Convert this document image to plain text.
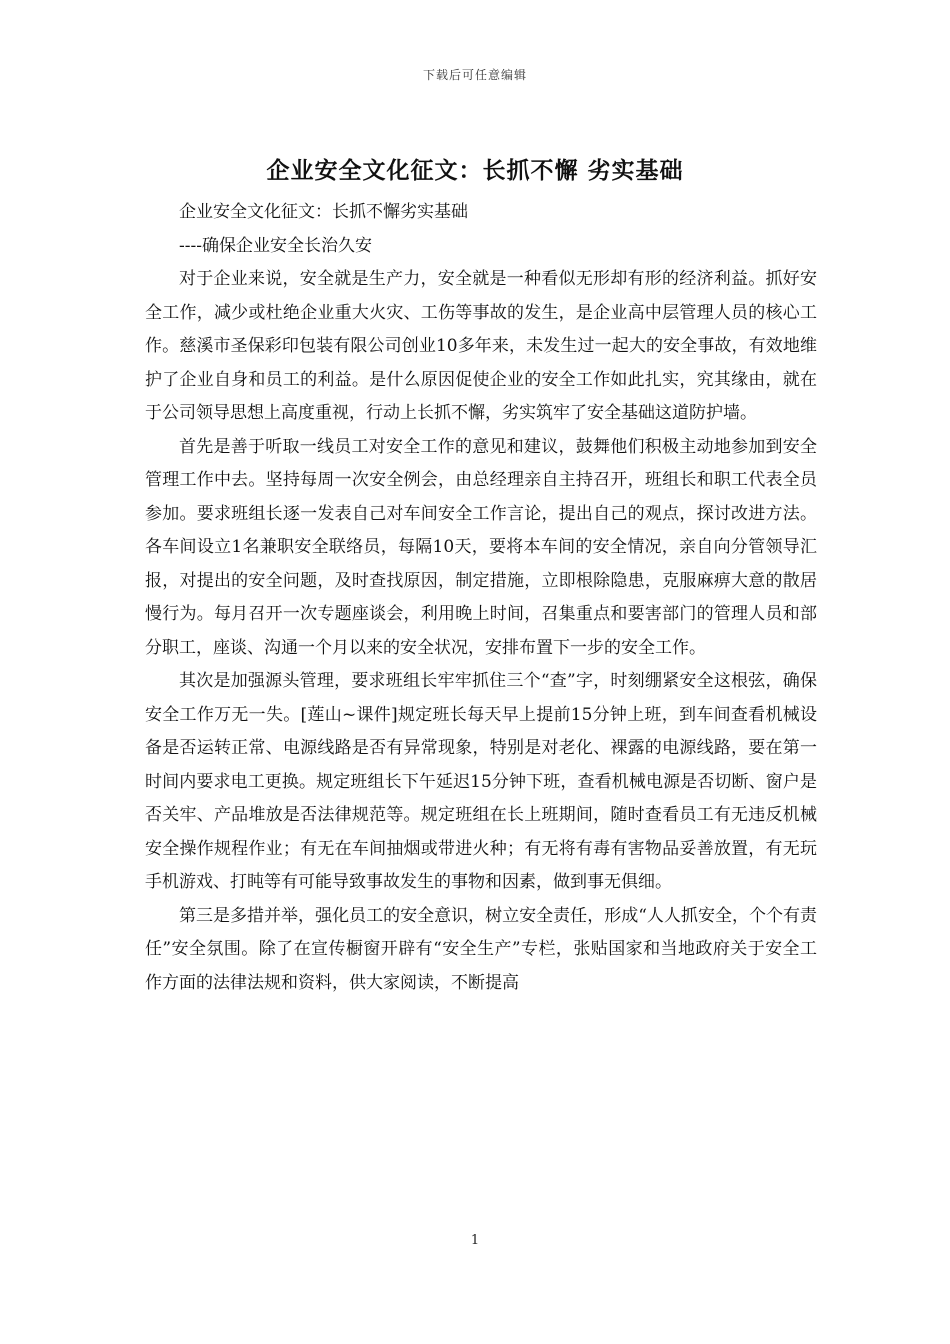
下载后可任意编辑
企业安全文化征文：长抓不懈 劣实基础

企业安全文化征文：长抓不懈劣实基础

----确保企业安全长治久安

对于企业来说，安全就是生产力，安全就是一种看似无形却有形的经济利益。抓好安全工作，减少或杜绝企业重大火灾、工伤等事故的发生，是企业高中层管理人员的核心工作。慈溪市圣保彩印包装有限公司创业10多年来，未发生过一起大的安全事故，有效地维护了企业自身和员工的利益。是什么原因促使企业的安全工作如此扎实，究其缘由，就在于公司领导思想上高度重视，行动上长抓不懈，劣实筑牢了安全基础这道防护墙。

首先是善于听取一线员工对安全工作的意见和建议，鼓舞他们积极主动地参加到安全管理工作中去。坚持每周一次安全例会，由总经理亲自主持召开，班组长和职工代表全员参加。要求班组长逐一发表自己对车间安全工作言论，提出自己的观点，探讨改进方法。各车间设立1名兼职安全联络员，每隔10天，要将本车间的安全情况，亲自向分管领导汇报，对提出的安全问题，及时查找原因，制定措施，立即根除隐患，克服麻痹大意的散居慢行为。每月召开一次专题座谈会，利用晚上时间，召集重点和要害部门的管理人员和部分职工，座谈、沟通一个月以来的安全状况，安排布置下一步的安全工作。

其次是加强源头管理，要求班组长牢牢抓住三个“查”字，时刻绷紧安全这根弦，确保安全工作万无一失。[莲山~课件]规定班长每天早上提前15分钟上班，到车间查看机械设备是否运转正常、电源线路是否有异常现象，特别是对老化、裸露的电源线路，要在第一时间内要求电工更换。规定班组长下午延迟15分钟下班，查看机械电源是否切断、窗户是否关牢、产品堆放是否法律规范等。规定班组在长上班期间，随时查看员工有无违反机械安全操作规程作业；有无在车间抽烟或带进火种；有无将有毒有害物品妥善放置，有无玩手机游戏、打盹等有可能导致事故发生的事物和因素，做到事无俱细。

第三是多措并举，强化员工的安全意识，树立安全责任，形成“人人抓安全，个个有责任”安全氛围。除了在宣传橱窗开辟有“安全生产”专栏，张贴国家和当地政府关于安全工作方面的法律法规和资料，供大家阅读，不断提高

1
